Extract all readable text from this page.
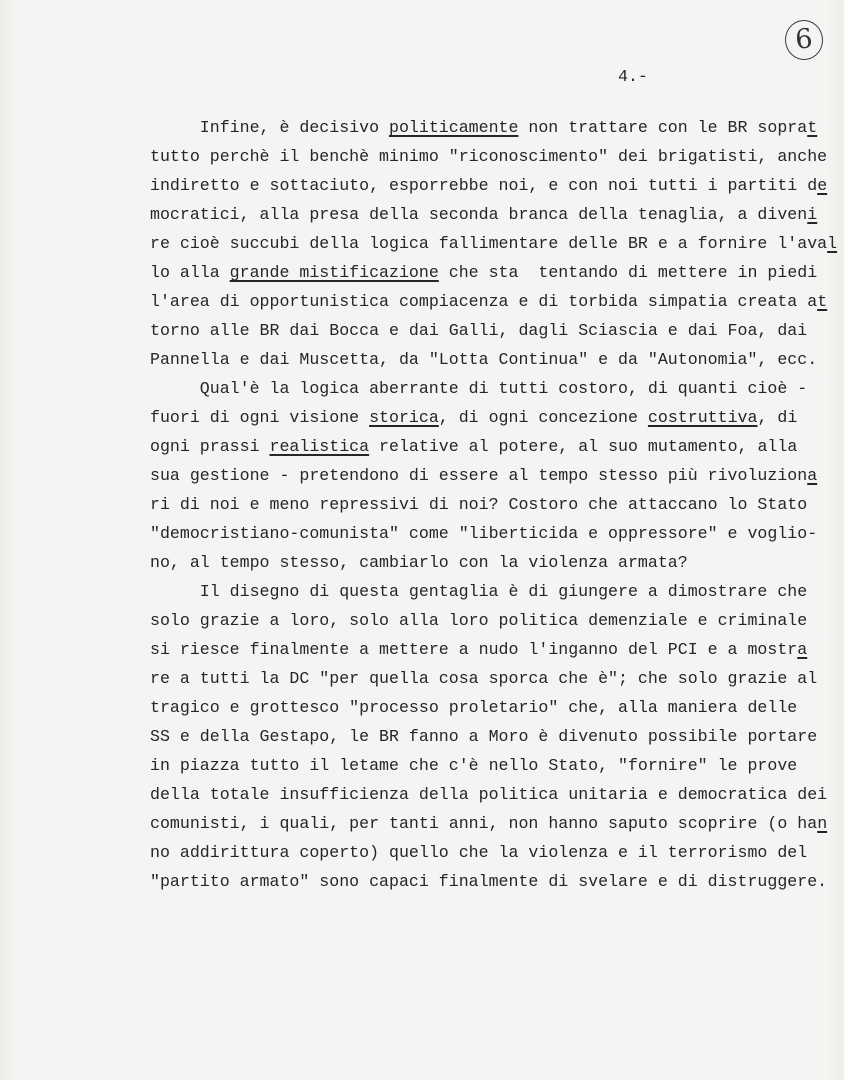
6
4.-
Infine, è decisivo politicamente non trattare con le BR sopra t
tutto perchè il benchè minimo "riconoscimento" dei brigatisti, anche
indiretto e sottaciuto, esporrebbe noi, e con noi tutti i partiti d e
mocratici, alla presa della seconda branca della tenaglia, a diven i
re cioè succubi della logica fallimentare delle BR e a fornire l'ava l
lo alla grande mistificazione che sta  tentando di mettere in piedi
l'area di opportunistica compiacenza e di torbida simpatia creata a t
torno alle BR dai Bocca e dai Galli, dagli Sciascia e dai Foa, dai
Pannella e dai Muscetta, da "Lotta Continua" e da "Autonomia", ecc.
Qual'è la logica aberrante di tutti costoro, di quanti cioè -
fuori di ogni visione storica , di ogni concezione costruttiva , di
ogni prassi realistica relative al potere, al suo mutamento, alla
sua gestione - pretendono di essere al tempo stesso più rivoluzion a
ri di noi e meno repressivi di noi? Costoro che attaccano lo Stato
"democristiano-comunista" come "liberticida e oppressore" e voglio-
no, al tempo stesso, cambiarlo con la violenza armata?
Il disegno di questa gentaglia è di giungere a dimostrare che
solo grazie a loro, solo alla loro politica demenziale e criminale
si riesce finalmente a mettere a nudo l'inganno del PCI e a mostr a
re a tutti la DC "per quella cosa sporca che è"; che solo grazie al
tragico e grottesco "processo proletario" che, alla maniera delle
SS e della Gestapo, le BR fanno a Moro è divenuto possibile portare
in piazza tutto il letame che c'è nello Stato, "fornire" le prove
della totale insufficienza della politica unitaria e democratica dei
comunisti, i quali, per tanti anni, non hanno saputo scoprire (o ha n
no addirittura coperto) quello che la violenza e il terrorismo del
"partito armato" sono capaci finalmente di svelare e di distruggere.
